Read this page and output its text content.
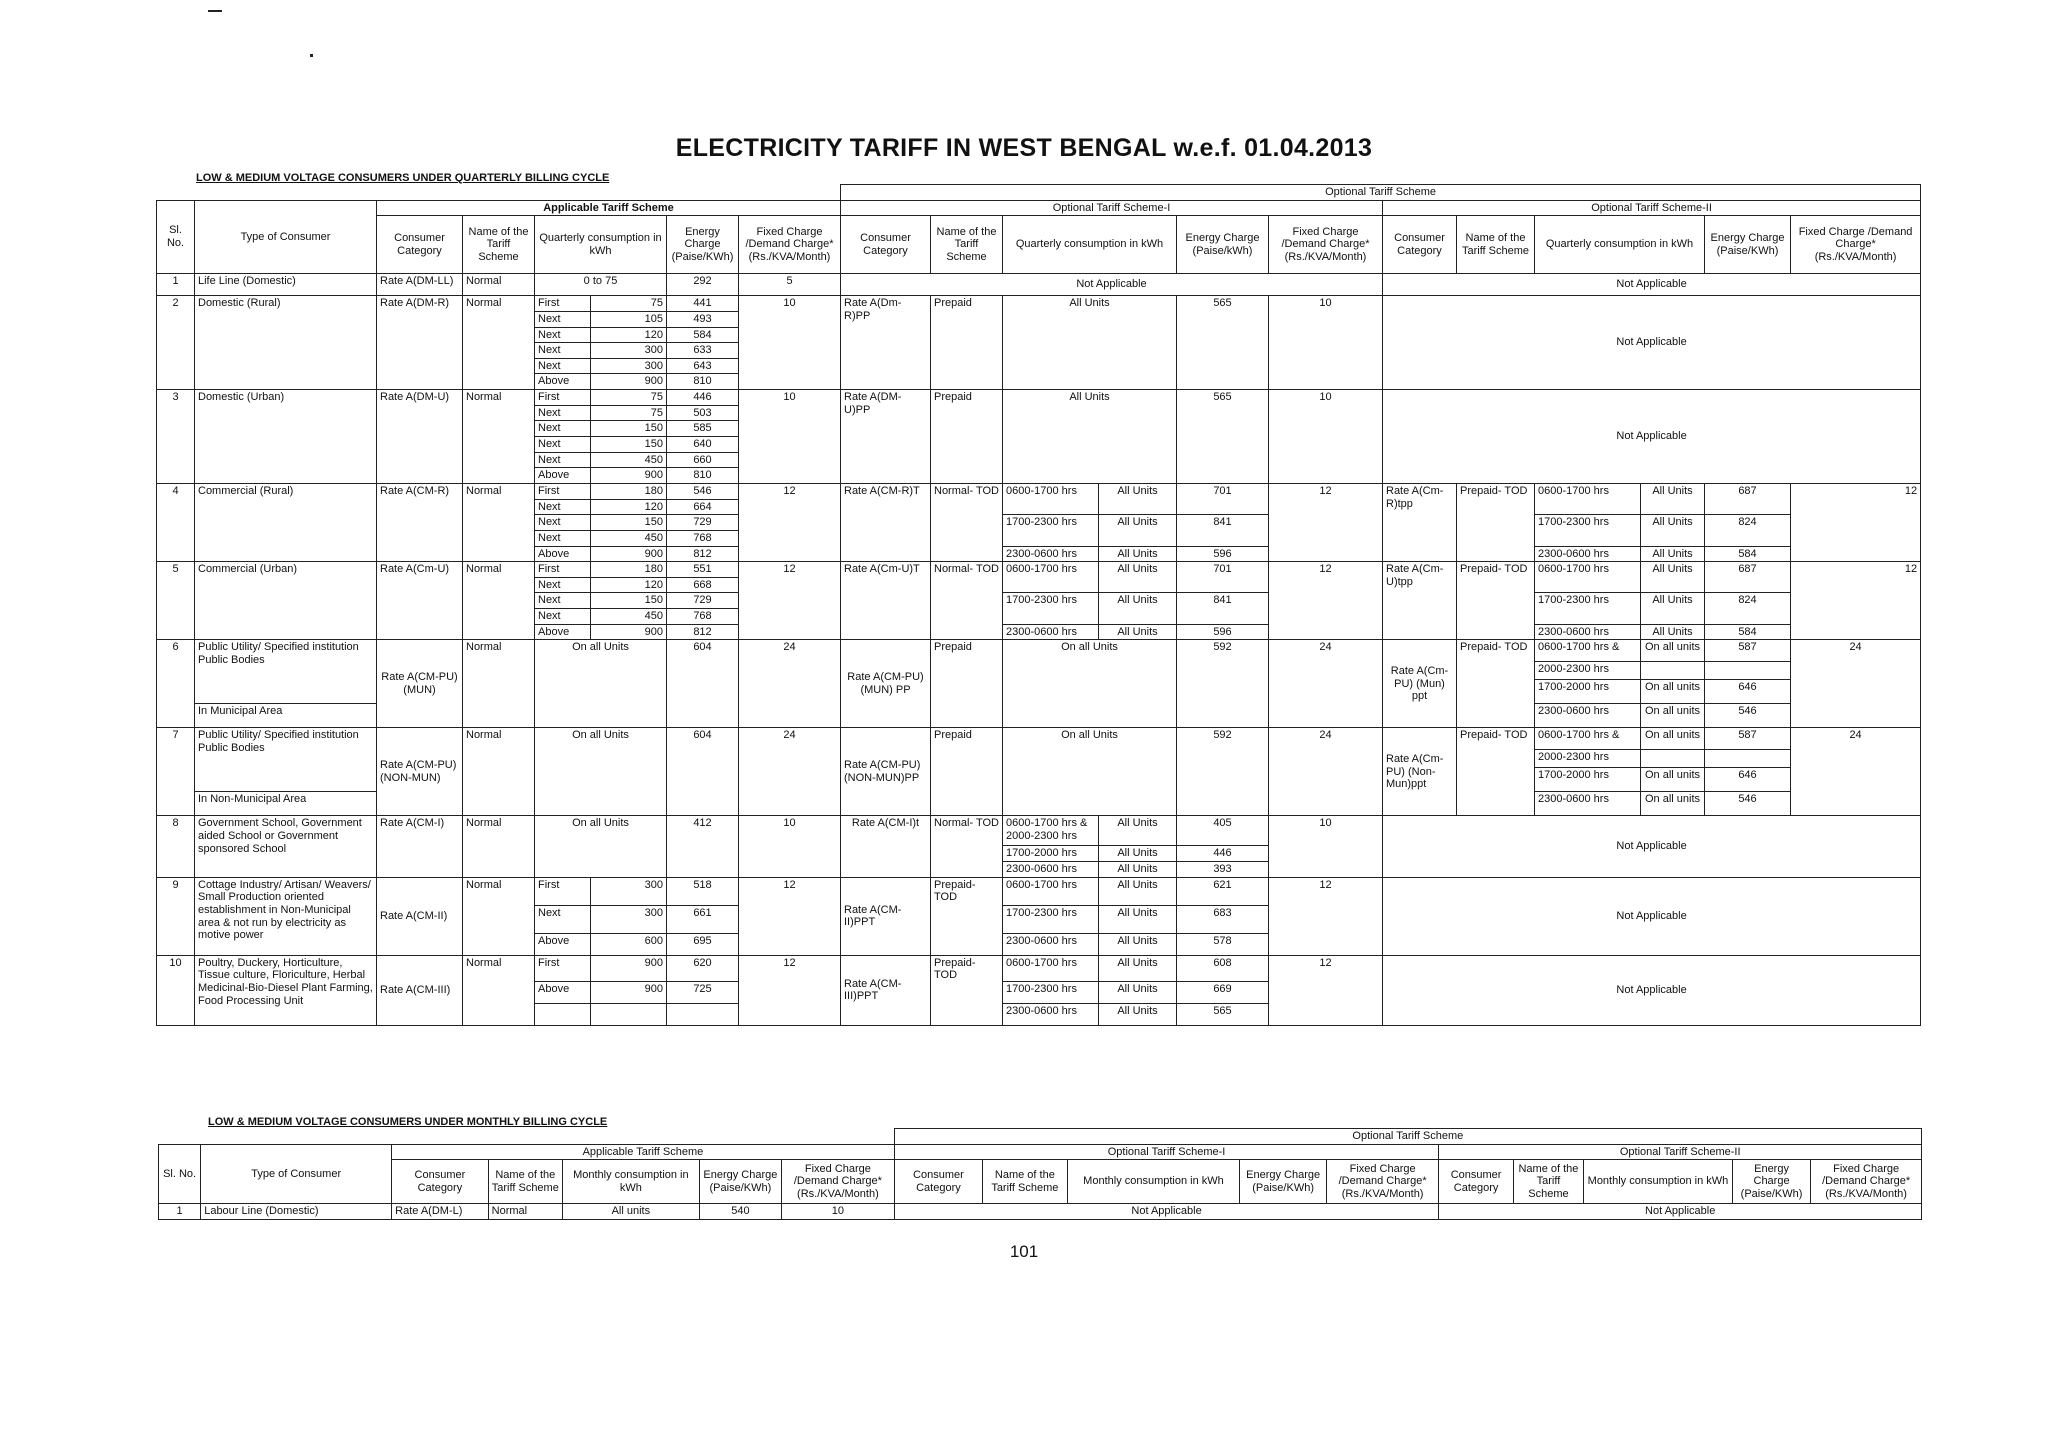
ELECTRICITY TARIFF IN WEST BENGAL w.e.f. 01.04.2013
LOW & MEDIUM VOLTAGE CONSUMERS UNDER QUARTERLY BILLING CYCLE
								Optional Tariff Scheme											
Sl. No.	Type of Consumer	Applicable Tariff Scheme						Optional Tariff Scheme-I						Optional Tariff Scheme-II					
		Consumer Category	Name of the Tariff Scheme	Quarterly consumption in kWh		Energy Charge (Paise/KWh)	Fixed Charge /Demand Charge* (Rs./KVA/Month)	Consumer Category	Name of the Tariff Scheme	Quarterly consumption in kWh		Energy Charge (Paise/kWh)	Fixed Charge /Demand Charge* (Rs./KVA/Month)	Consumer Category	Name of the Tariff Scheme	Quarterly consumption in kWh		Energy Charge (Paise/KWh)	Fixed Charge /Demand Charge* (Rs./KVA/Month)
1	Life Line (Domestic)	Rate A(DM-LL)	Normal	0 to 75		292	5	Not Applicable						Not Applicable					
2	Domestic (Rural)	Rate A(DM-R)	Normal	First	75	441	10	Rate A(Dm-R)PP	Prepaid	All Units		565	10	Not Applicable					
				Next	105	493													
				Next	120	584													
				Next	300	633													
				Next	300	643													
				Above	900	810													
3	Domestic (Urban)	Rate A(DM-U)	Normal	First	75	446	10	Rate A(DM-U)PP	Prepaid	All Units		565	10	Not Applicable					
				Next	75	503													
				Next	150	585													
				Next	150	640													
				Next	450	660													
				Above	900	810													
4	Commercial (Rural)	Rate A(CM-R)	Normal	First	180	546	12	Rate A(CM-R)T	Normal- TOD	0600-1700 hrs	All Units	701	12	Rate A(Cm-R)tpp	Prepaid- TOD	0600-1700 hrs	All Units	687	12
				Next	120	664													
				Next	150	729				1700-2300 hrs	All Units	841				1700-2300 hrs	All Units	824	
				Next	450	768													
				Above	900	812				2300-0600 hrs	All Units	596				2300-0600 hrs	All Units	584	

5	Commercial (Urban)	Rate A(Cm-U)	Normal	First	180	551	12	Rate A(Cm-U)T	Normal- TOD	0600-1700 hrs	All Units	701	12	Rate A(Cm-U)tpp	Prepaid- TOD	0600-1700 hrs	All Units	687	12
				Next	120	668													
				Next	150	729				1700-2300 hrs	All Units	841				1700-2300 hrs	All Units	824	
				Next	450	768													
				Above	900	812				2300-0600 hrs	All Units	596				2300-0600 hrs	All Units	584	

6	Public Utility/ Specified institution Public Bodies	Rate A(CM-PU) (MUN)	Normal	On all Units		604	24	Rate A(CM-PU) (MUN) PP	Prepaid	On all Units		592	24	Rate A(Cm-PU) (Mun) ppt	Prepaid- TOD	0600-1700 hrs &	On all units	587	24
																2000-2300 hrs			
																1700-2000 hrs	On all units	646	
	In Municipal Area															2300-0600 hrs	On all units	546	
7	Public Utility/ Specified institution Public Bodies	Rate A(CM-PU) (NON-MUN)	Normal	On all Units		604	24	Rate A(CM-PU) (NON-MUN)PP	Prepaid	On all Units		592	24	Rate A(Cm-PU) (Non-Mun)ppt	Prepaid- TOD	0600-1700 hrs &	On all units	587	24
																2000-2300 hrs			
																1700-2000 hrs	On all units	646	
	In Non-Municipal Area															2300-0600 hrs	On all units	546	
8	Government School, Government aided School or Government sponsored School	Rate A(CM-I)	Normal	On all Units		412	10	Rate A(CM-I)t	Normal- TOD	0600-1700 hrs & 2000-2300 hrs	All Units	405	10	Not Applicable					
										1700-2000 hrs	All Units	446							
										2300-0600 hrs	All Units	393							
9	Cottage Industry/ Artisan/ Weavers/ Small Production oriented establishment in Non-Municipal area & not run by electricity as motive power	Rate A(CM-II)	Normal	First	300	518	12	Rate A(CM-II)PPT	Prepaid- TOD	0600-1700 hrs	All Units	621	12	Not Applicable					
				Next	300	661				1700-2300 hrs	All Units	683							
				Above	600	695				2300-0600 hrs	All Units	578							
10	Poultry, Duckery, Horticulture, Tissue culture, Floriculture, Herbal Medicinal-Bio-Diesel Plant Farming, Food Processing Unit	Rate A(CM-III)	Normal	First	900	620	12	Rate A(CM-III)PPT	Prepaid- TOD	0600-1700 hrs	All Units	608	12	Not Applicable					
				Above	900	725				1700-2300 hrs	All Units	669							
										2300-0600 hrs	All Units	565							
LOW & MEDIUM VOLTAGE CONSUMERS UNDER MONTHLY BILLING CYCLE
							Optional Tariff Scheme									
Sl. No.	Type of Consumer	Applicable Tariff Scheme					Optional Tariff Scheme-I					Optional Tariff Scheme-II				
		Consumer Category	Name of the Tariff Scheme	Monthly consumption in kWh	Energy Charge (Paise/KWh)	Fixed Charge /Demand Charge* (Rs./KVA/Month)	Consumer Category	Name of the Tariff Scheme	Monthly consumption in kWh	Energy Charge (Paise/KWh)	Fixed Charge /Demand Charge* (Rs./KVA/Month)	Consumer Category	Name of the Tariff Scheme	Monthly consumption in kWh	Energy Charge (Paise/KWh)	Fixed Charge /Demand Charge* (Rs./KVA/Month)
1	Labour Line (Domestic)	Rate A(DM-L)	Normal	All units	540	10	Not Applicable					Not Applicable				
101
